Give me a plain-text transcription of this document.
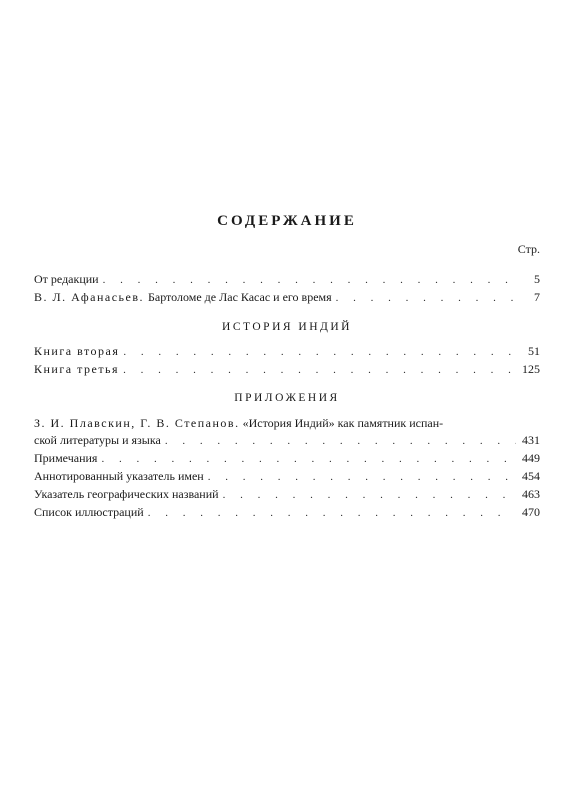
СОДЕРЖАНИЕ
Стр.
От редакции . . .	5
В. Л. Афанасьев. Бартоломе де Лас Касас и его время . . .	7
ИСТОРИЯ ИНДИЙ
Книга вторая . . .	51
Книга третья . . .	125
ПРИЛОЖЕНИЯ
З. И. Плавскин, Г. В. Степанов. «История Индий» как памятник испан-
ской литературы и языка . . .	431
Примечания . . .	449
Аннотированный указатель имен . . .	454
Указатель географических названий . . .	463
Список иллюстраций . . .	470
